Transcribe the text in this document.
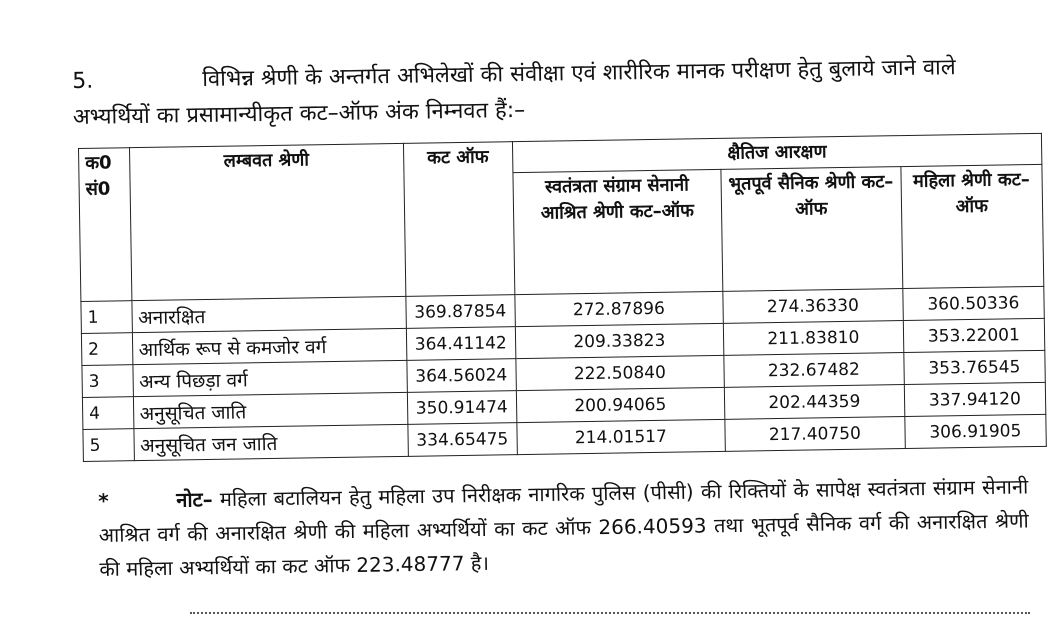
5.	विभिन्न श्रेणी के अन्तर्गत अभिलेखों की संवीक्षा एवं शारीरिक मानक परीक्षण हेतु बुलाये जाने वाले अभ्यर्थियों का प्रसामान्यीकृत कट–ऑफ अंक निम्नवत हैं:–
क0 सं0	लम्बवत श्रेणी	कट ऑफ	क्षैतिज आरक्षण		
			स्वतंत्रता संग्राम सेनानी आश्रित श्रेणी कट–ऑफ	भूतपूर्व सैनिक श्रेणी कट–ऑफ	महिला श्रेणी कट–ऑफ
1	अनारक्षित	369.87854	272.87896	274.36330	360.50336
2	आर्थिक रूप से कमजोर वर्ग	364.41142	209.33823	211.83810	353.22001
3	अन्य पिछड़ा वर्ग	364.56024	222.50840	232.67482	353.76545
4	अनुसूचित जाति	350.91474	200.94065	202.44359	337.94120
5	अनुसूचित जन जाति	334.65475	214.01517	217.40750	306.91905
*	नोट– महिला बटालियन हेतु महिला उप निरीक्षक नागरिक पुलिस (पीसी) की रिक्तियों के सापेक्ष स्वतंत्रता संग्राम सेनानी आश्रित वर्ग की अनारक्षित श्रेणी की महिला अभ्यर्थियों का कट ऑफ 266.40593 तथा भूतपूर्व सैनिक वर्ग की अनारक्षित श्रेणी की महिला अभ्यर्थियों का कट ऑफ 223.48777 है।
